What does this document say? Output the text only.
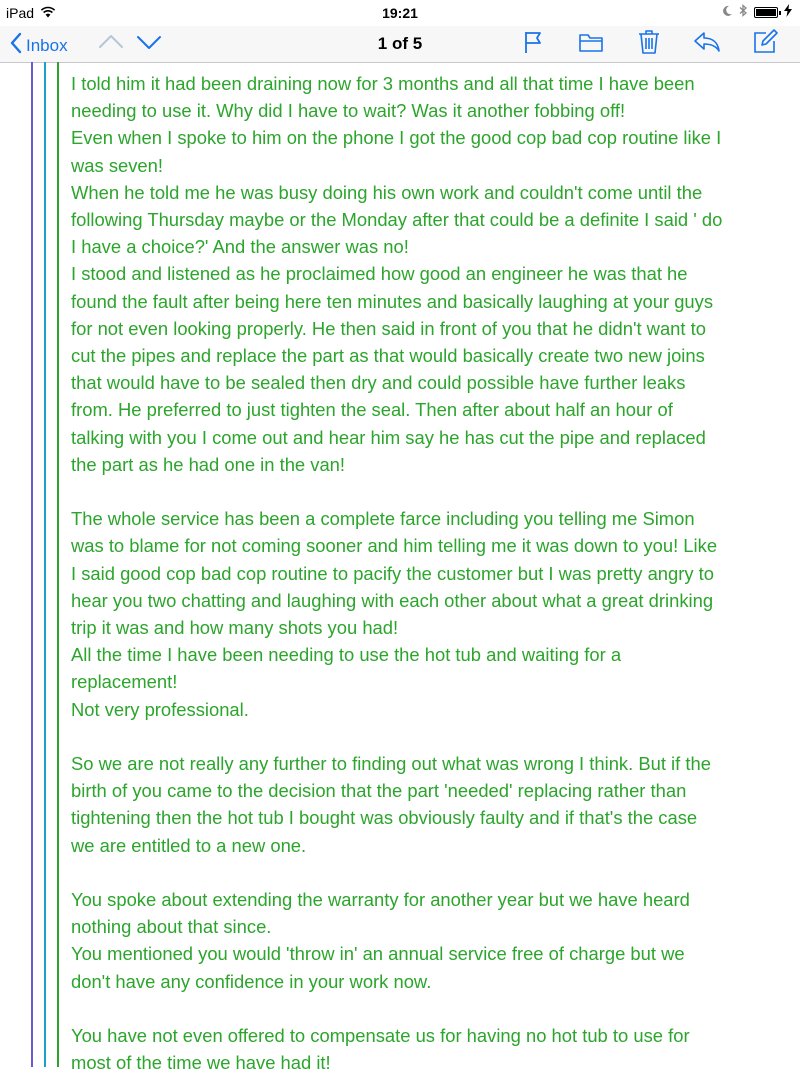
iPad	19:21
Inbox	1 of 5

I told him it had been draining now for 3 months and all that time I have been
needing to use it. Why did I have to wait? Was it another fobbing off!
Even when I spoke to him on the phone I got the good cop bad cop routine like I
was seven!
When he told me he was busy doing his own work and couldn't come until the
following Thursday maybe or the Monday after that could be a definite I said ' do
I have a choice?' And the answer was no!
I stood and listened as he proclaimed how good an engineer he was that he
found the fault after being here ten minutes and basically laughing at your guys
for not even looking properly. He then said in front of you that he didn't want to
cut the pipes and replace the part as that would basically create two new joins
that would have to be sealed then dry and could possible have further leaks
from. He preferred to just tighten the seal. Then after about half an hour of
talking with you I come out and hear him say he has cut the pipe and replaced
the part as he had one in the van!

The whole service has been a complete farce including you telling me Simon
was to blame for not coming sooner and him telling me it was down to you! Like
I said good cop bad cop routine to pacify the customer but I was pretty angry to
hear you two chatting and laughing with each other about what a great drinking
trip it was and how many shots you had!
All the time I have been needing to use the hot tub and waiting for a
replacement!
Not very professional.

So we are not really any further to finding out what was wrong I think. But if the
birth of you came to the decision that the part 'needed' replacing rather than
tightening then the hot tub I bought was obviously faulty and if that's the case
we are entitled to a new one.

You spoke about extending the warranty for another year but we have heard
nothing about that since.
You mentioned you would 'throw in' an annual service free of charge but we
don't have any confidence in your work now.

You have not even offered to compensate us for having no hot tub to use for
most of the time we have had it!
